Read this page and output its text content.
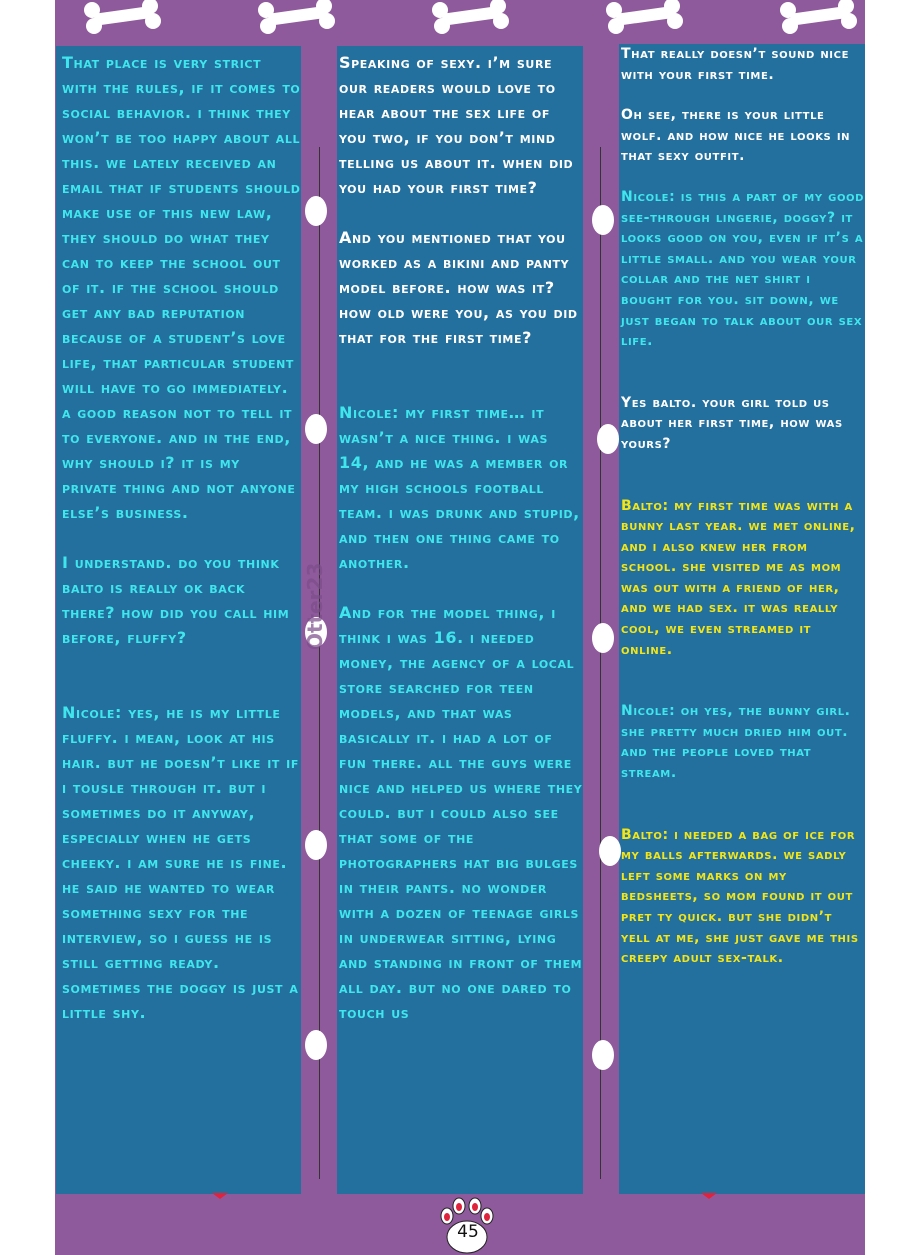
That place is very strict with the rules, if it comes to social behavior. i think they won’t be too happy about all this. we lately received an email that if students should make use of this new law, they should do what they can to keep the school out of it. if the school should get any bad reputation because of a student’s love life, that particular student will have to go immediately. a good reason not to tell it to everyone. and in the end, why should i? it is my private thing and not anyone else’s business.

I understand. do you think balto is really ok back there? how did you call him before, fluffy?

Nicole: yes, he is my little fluffy. i mean, look at his hair. but he doesn’t like it if i tousle through it. but i sometimes do it anyway, especially when he gets cheeky. i am sure he is fine. he said he wanted to wear something sexy for the interview, so i guess he is still getting ready. sometimes the doggy is just a little shy.

Speaking of sexy. i’m sure our readers would love to hear about the sex life of you two, if you don’t mind telling us about it. when did you had your first time?

And you mentioned that you worked as a bikini and panty model before. how was it? how old were you, as you did that for the first time?

Nicole: my first time… it wasn’t a nice thing. i was 14, and he was a member or my high schools football team. i was drunk and stupid, and then one thing came to another.

And for the model thing, i think i was 16. i needed money, the agency of a local store searched for teen models, and that was basically it. i had a lot of fun there. all the guys were nice and helped us where they could. but i could also see that some of the photographers hat big bulges in their pants. no wonder with a dozen of teenage girls in underwear sitting, lying and standing in front of them all day. but no one dared to touch us

That really doesn’t sound nice with your first time.

Oh see, there is your little wolf. and how nice he looks in that sexy outfit.

Nicole: is this a part of my good see-through lingerie, doggy? it looks good on you, even if it’s a little small. and you wear your collar and the net shirt i bought for you. sit down, we just began to talk about our sex life.

Yes balto. your girl told us about her first time, how was yours?

Balto: my first time was with a bunny last year. we met online, and i also knew her from school. she visited me as mom was out with a friend of her, and we had sex. it was really cool, we even streamed it online.

Nicole: oh yes, the bunny girl. she pretty much dried him out. and the people loved that stream.

Balto: i needed a bag of ice for my balls afterwards. we sadly left some marks on my bedsheets, so mom found it out pret ty quick. but she didn’t yell at me, she just gave me this creepy adult sex-talk.

Otter23
45
